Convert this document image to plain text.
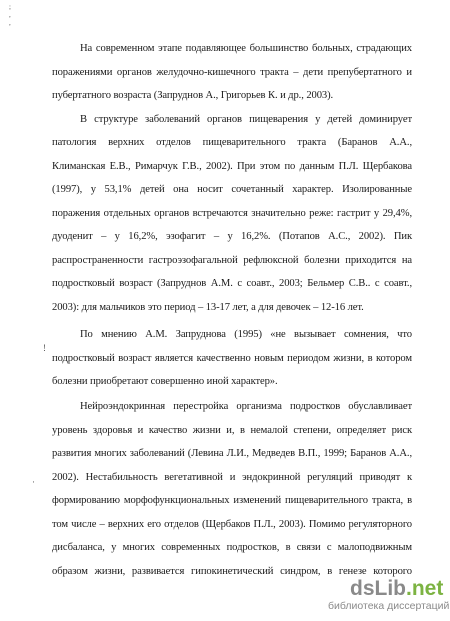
;
,
,
!
·
На современном этапе подавляющее большинство больных, страдающих
поражениями органов желудочно-кишечного тракта – дети препубертатного и
пубертатного возраста (Запруднов А., Григорьев К. и др., 2003).
В структуре заболеваний органов пищеварения у детей доминирует
патология верхних отделов пищеварительного тракта (Баранов А.А.,
Климанская Е.В., Римарчук Г.В., 2002). При этом по данным П.Л. Щербакова
(1997), у 53,1% детей она носит сочетанный характер. Изолированные
поражения отдельных органов встречаются значительно реже: гастрит у 29,4%,
дуоденит – у 16,2%, эзофагит – у 16,2%. (Потапов А.С., 2002). Пик
распространенности гастроэзофагальной рефлюксной болезни приходится на
подростковый возраст (Запруднов А.М. с соавт., 2003; Бельмер С.В.. с соавт.,
2003): для мальчиков это период – 13-17 лет, а для девочек – 12-16 лет.
По мнению А.М. Запруднова (1995) «не вызывает сомнения, что
подростковый возраст является качественно новым периодом жизни, в котором
болезни приобретают совершенно иной характер».
Нейроэндокринная перестройка организма подростков обуславливает
уровень здоровья и качество жизни и, в немалой степени, определяет риск
развития многих заболеваний (Левина Л.И., Медведев В.П., 1999; Баранов А.А.,
2002). Нестабильность вегетативной и эндокринной регуляций приводят к
формированию морфофункциональных изменений пищеварительного тракта, в
том числе – верхних его отделов (Щербаков П.Л., 2003). Помимо регуляторного
дисбаланса, у многих современных подростков, в связи с малоподвижным
образом жизни, развивается гипокинетический синдром, в генезе которого
dsLib.net
библиотека диссертаций
